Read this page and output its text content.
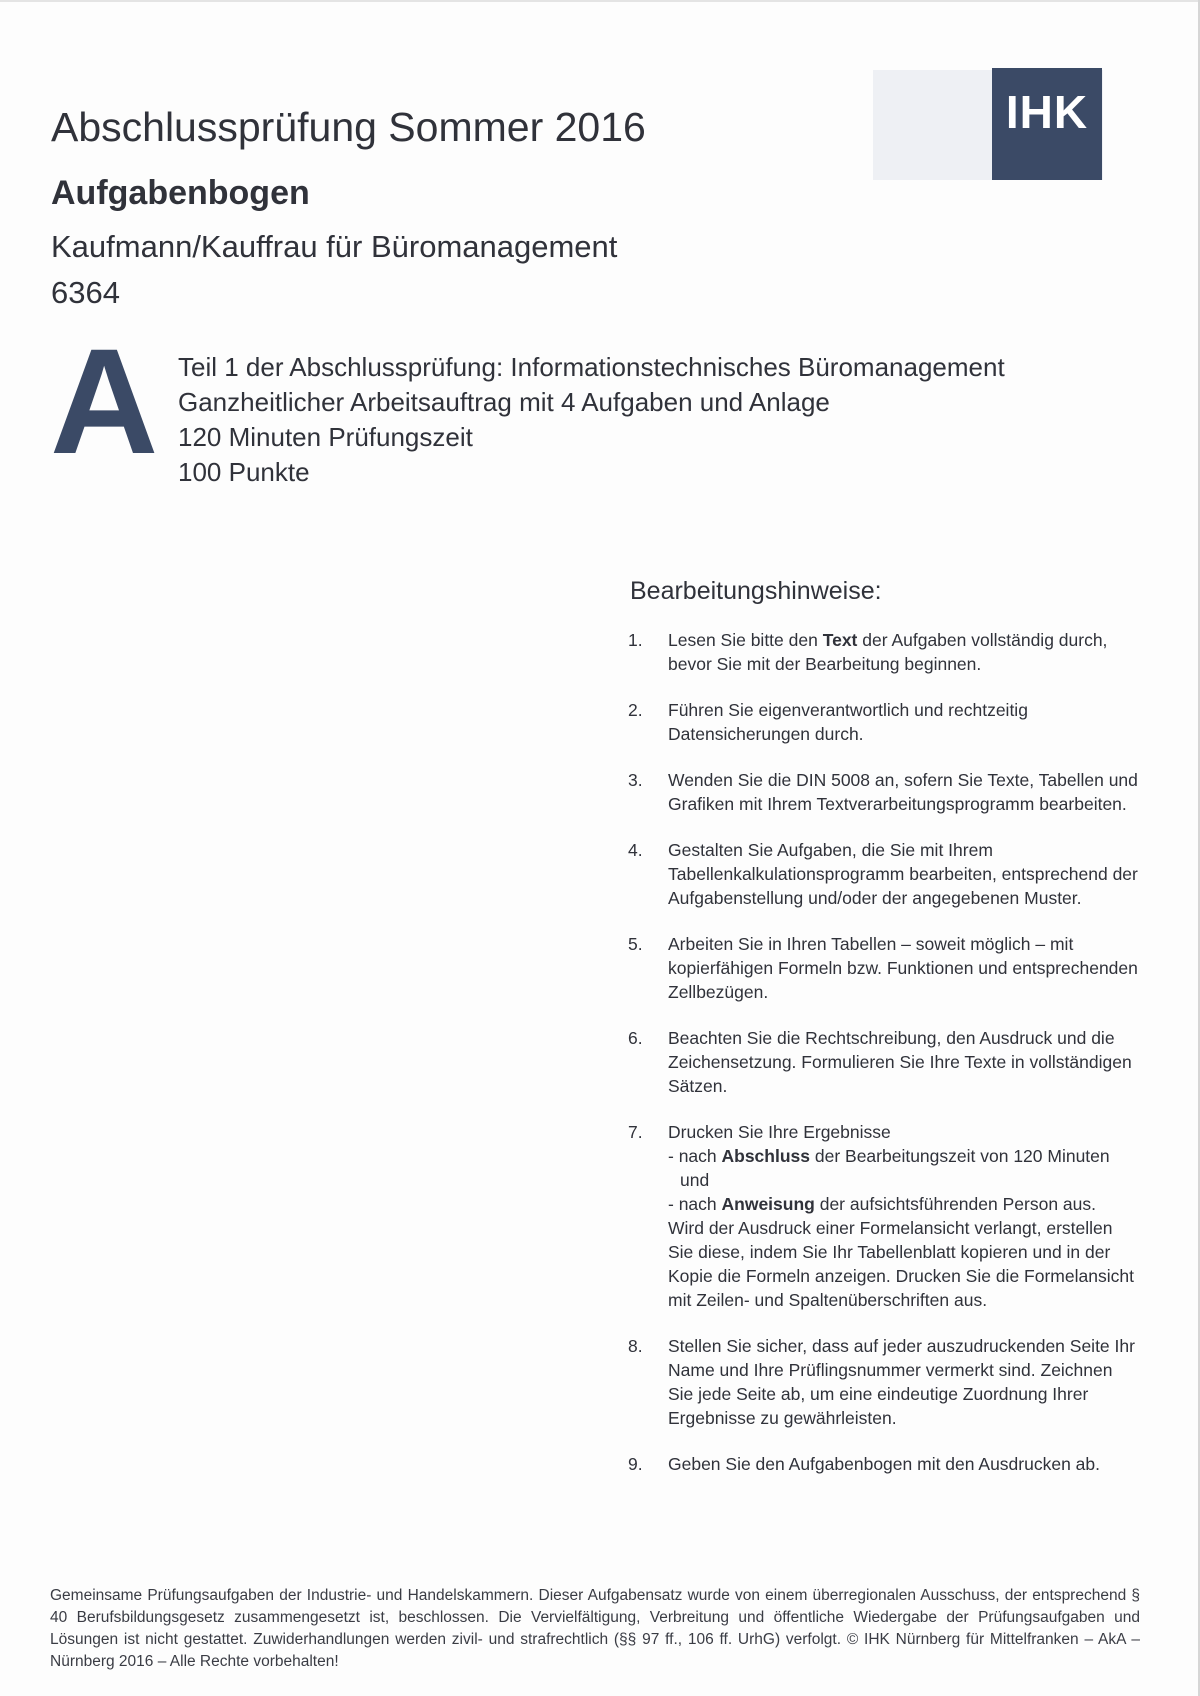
IHK
Abschlussprüfung Sommer 2016
Aufgabenbogen
Kaufmann/Kauffrau für Büromanagement
6364
A Teil 1 der Abschlussprüfung: Informationstechnisches Büromanagement
Ganzheitlicher Arbeitsauftrag mit 4 Aufgaben und Anlage
120 Minuten Prüfungszeit
100 Punkte
Bearbeitungshinweise:
1. Lesen Sie bitte den Text der Aufgaben vollständig durch, bevor Sie mit der Bearbeitung beginnen.
2. Führen Sie eigenverantwortlich und rechtzeitig Datensicherungen durch.
3. Wenden Sie die DIN 5008 an, sofern Sie Texte, Tabellen und Grafiken mit Ihrem Textverarbeitungsprogramm bearbeiten.
4. Gestalten Sie Aufgaben, die Sie mit Ihrem Tabellenkalkulationsprogramm bearbeiten, entsprechend der Aufgabenstellung und/oder der angegebenen Muster.
5. Arbeiten Sie in Ihren Tabellen – soweit möglich – mit kopierfähigen Formeln bzw. Funktionen und entsprechenden Zellbezügen.
6. Beachten Sie die Rechtschreibung, den Ausdruck und die Zeichensetzung. Formulieren Sie Ihre Texte in vollständigen Sätzen.
7. Drucken Sie Ihre Ergebnisse
- nach Abschluss der Bearbeitungszeit von 120 Minuten und
- nach Anweisung der aufsichtsführenden Person aus.
Wird der Ausdruck einer Formelansicht verlangt, erstellen Sie diese, indem Sie Ihr Tabellenblatt kopieren und in der Kopie die Formeln anzeigen. Drucken Sie die Formelansicht mit Zeilen- und Spaltenüberschriften aus.
8. Stellen Sie sicher, dass auf jeder auszudruckenden Seite Ihr Name und Ihre Prüflingsnummer vermerkt sind. Zeichnen Sie jede Seite ab, um eine eindeutige Zuordnung Ihrer Ergebnisse zu gewährleisten.
9. Geben Sie den Aufgabenbogen mit den Ausdrucken ab.
Gemeinsame Prüfungsaufgaben der Industrie- und Handelskammern. Dieser Aufgabensatz wurde von einem überregionalen Ausschuss, der entsprechend § 40 Berufsbildungsgesetz zusammengesetzt ist, beschlossen. Die Vervielfältigung, Verbreitung und öffentliche Wiedergabe der Prüfungsaufgaben und Lösungen ist nicht gestattet. Zuwiderhandlungen werden zivil- und strafrechtlich (§§ 97 ff., 106 ff. UrhG) verfolgt. © IHK Nürnberg für Mittelfranken – AkA – Nürnberg 2016 – Alle Rechte vorbehalten!
